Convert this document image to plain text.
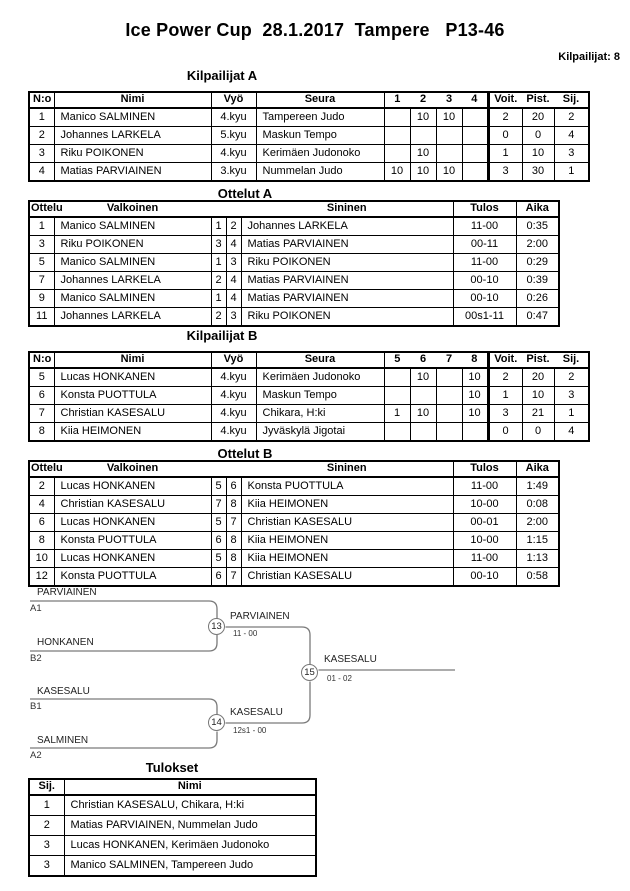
Ice Power Cup  28.1.2017  Tampere   P13-46
Kilpailijat: 8
Kilpailijat A
N:o	Nimi	Vyö	Seura	1	2	3	4	Voit.	Pist.	Sij.
1	Manico SALMINEN	4.kyu	Tampereen Judo		10	10		2	20	2
2	Johannes LARKELA	5.kyu	Maskun Tempo					0	0	4
3	Riku POIKONEN	4.kyu	Kerimäen Judonoko		10			1	10	3
4	Matias PARVIAINEN	3.kyu	Nummelan Judo	10	10	10		3	30	1
Ottelut A
Ottelu	Valkoinen			Sininen	Tulos	Aika
1	Manico SALMINEN	1	2	Johannes LARKELA	11-00	0:35
3	Riku POIKONEN	3	4	Matias PARVIAINEN	00-11	2:00
5	Manico SALMINEN	1	3	Riku POIKONEN	11-00	0:29
7	Johannes LARKELA	2	4	Matias PARVIAINEN	00-10	0:39
9	Manico SALMINEN	1	4	Matias PARVIAINEN	00-10	0:26
11	Johannes LARKELA	2	3	Riku POIKONEN	00s1-11	0:47
Kilpailijat B
N:o	Nimi	Vyö	Seura	5	6	7	8	Voit.	Pist.	Sij.
5	Lucas HONKANEN	4.kyu	Kerimäen Judonoko		10		10	2	20	2
6	Konsta PUOTTULA	4.kyu	Maskun Tempo				10	1	10	3
7	Christian KASESALU	4.kyu	Chikara, H:ki	1	10		10	3	21	1
8	Kiia HEIMONEN	4.kyu	Jyväskylä Jigotai					0	0	4
Ottelut B
Ottelu	Valkoinen			Sininen	Tulos	Aika
2	Lucas HONKANEN	5	6	Konsta PUOTTULA	11-00	1:49
4	Christian KASESALU	7	8	Kiia HEIMONEN	10-00	0:08
6	Lucas HONKANEN	5	7	Christian KASESALU	00-01	2:00
8	Konsta PUOTTULA	6	8	Kiia HEIMONEN	10-00	1:15
10	Lucas HONKANEN	5	8	Kiia HEIMONEN	11-00	1:13
12	Konsta PUOTTULA	6	7	Christian KASESALU	00-10	0:58
PARVIAINEN
A1
HONKANEN
B2
13
PARVIAINEN
11 - 00
KASESALU
B1
SALMINEN
A2
14
KASESALU
12s1 - 00
15
KASESALU
01 - 02
Tulokset
Sij.	Nimi
1	Christian KASESALU, Chikara, H:ki
2	Matias PARVIAINEN, Nummelan Judo
3	Lucas HONKANEN, Kerimäen Judonoko
3	Manico SALMINEN, Tampereen Judo
